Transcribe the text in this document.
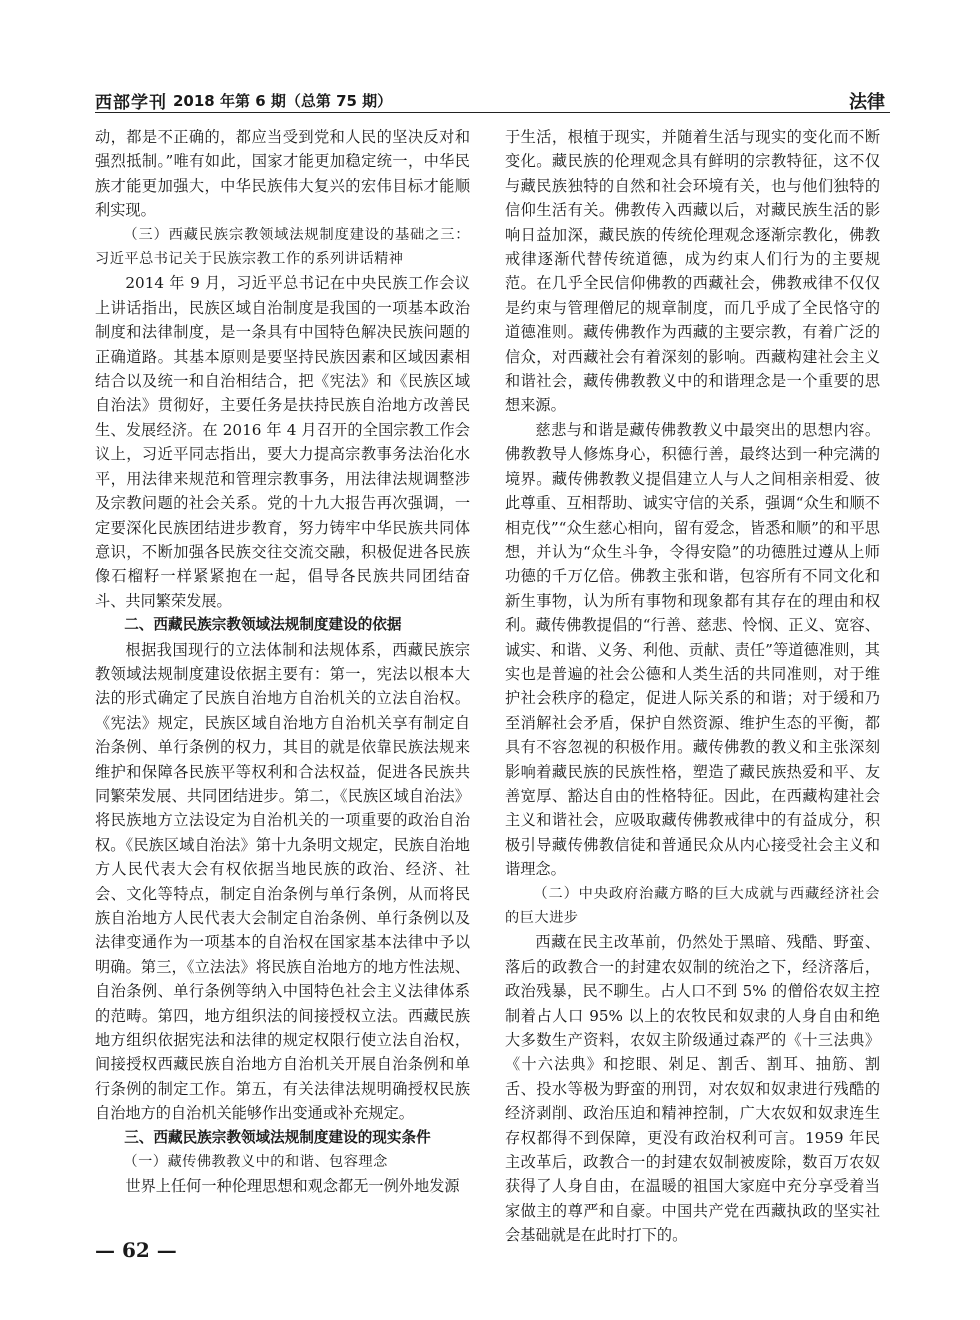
西部学刊 2018 年第 6 期（总第 75 期）	法律

动，都是不正确的，都应当受到党和人民的坚决反对和强烈抵制。”唯有如此，国家才能更加稳定统一，中华民族才能更加强大，中华民族伟大复兴的宏伟目标才能顺利实现。

（三）西藏民族宗教领域法规制度建设的基础之三：习近平总书记关于民族宗教工作的系列讲话精神

2014 年 9 月，习近平总书记在中央民族工作会议上讲话指出，民族区域自治制度是我国的一项基本政治制度和法律制度，是一条具有中国特色解决民族问题的正确道路。其基本原则是要坚持民族因素和区域因素相结合以及统一和自治相结合，把《宪法》和《民族区域自治法》贯彻好，主要任务是扶持民族自治地方改善民生、发展经济。在 2016 年 4 月召开的全国宗教工作会议上，习近平同志指出，要大力提高宗教事务法治化水平，用法律来规范和管理宗教事务，用法律法规调整涉及宗教问题的社会关系。党的十九大报告再次强调，一定要深化民族团结进步教育，努力铸牢中华民族共同体意识，不断加强各民族交往交流交融，积极促进各民族像石榴籽一样紧紧抱在一起，倡导各民族共同团结奋斗、共同繁荣发展。

二、西藏民族宗教领域法规制度建设的依据

根据我国现行的立法体制和法规体系，西藏民族宗教领域法规制度建设依据主要有：第一，宪法以根本大法的形式确定了民族自治地方自治机关的立法自治权。《宪法》规定，民族区域自治地方自治机关享有制定自治条例、单行条例的权力，其目的就是依靠民族法规来维护和保障各民族平等权利和合法权益，促进各民族共同繁荣发展、共同团结进步。第二，《民族区域自治法》将民族地方立法设定为自治机关的一项重要的政治自治权。《民族区域自治法》第十九条明文规定，民族自治地方人民代表大会有权依据当地民族的政治、经济、社会、文化等特点，制定自治条例与单行条例，从而将民族自治地方人民代表大会制定自治条例、单行条例以及法律变通作为一项基本的自治权在国家基本法律中予以明确。第三，《立法法》将民族自治地方的地方性法规、自治条例、单行条例等纳入中国特色社会主义法律体系的范畴。第四，地方组织法的间接授权立法。西藏民族地方组织依据宪法和法律的规定权限行使立法自治权，间接授权西藏民族自治地方自治机关开展自治条例和单行条例的制定工作。第五，有关法律法规明确授权民族自治地方的自治机关能够作出变通或补充规定。

三、西藏民族宗教领域法规制度建设的现实条件

（一）藏传佛教教义中的和谐、包容理念

世界上任何一种伦理思想和观念都无一例外地发源

于生活，根植于现实，并随着生活与现实的变化而不断变化。藏民族的伦理观念具有鲜明的宗教特征，这不仅与藏民族独特的自然和社会环境有关，也与他们独特的信仰生活有关。佛教传入西藏以后，对藏民族生活的影响日益加深，藏民族的传统伦理观念逐渐宗教化，佛教戒律逐渐代替传统道德，成为约束人们行为的主要规范。在几乎全民信仰佛教的西藏社会，佛教戒律不仅仅是约束与管理僧尼的规章制度，而几乎成了全民恪守的道德准则。藏传佛教作为西藏的主要宗教，有着广泛的信众，对西藏社会有着深刻的影响。西藏构建社会主义和谐社会，藏传佛教教义中的和谐理念是一个重要的思想来源。

慈悲与和谐是藏传佛教教义中最突出的思想内容。佛教教导人修炼身心，积德行善，最终达到一种完满的境界。藏传佛教教义提倡建立人与人之间相亲相爱、彼此尊重、互相帮助、诚实守信的关系，强调“众生和顺不相克伐”“众生慈心相向，留有爱念，皆悉和顺”的和平思想，并认为“众生斗争，令得安隐”的功德胜过遵从上师功德的千万亿倍。佛教主张和谐，包容所有不同文化和新生事物，认为所有事物和现象都有其存在的理由和权利。藏传佛教提倡的“行善、慈悲、怜悯、正义、宽容、诚实、和谐、义务、利他、贡献、责任”等道德准则，其实也是普遍的社会公德和人类生活的共同准则，对于维护社会秩序的稳定，促进人际关系的和谐；对于缓和乃至消解社会矛盾，保护自然资源、维护生态的平衡，都具有不容忽视的积极作用。藏传佛教的教义和主张深刻影响着藏民族的民族性格，塑造了藏民族热爱和平、友善宽厚、豁达自由的性格特征。因此，在西藏构建社会主义和谐社会，应吸取藏传佛教戒律中的有益成分，积极引导藏传佛教信徒和普通民众从内心接受社会主义和谐理念。

（二）中央政府治藏方略的巨大成就与西藏经济社会的巨大进步

西藏在民主改革前，仍然处于黑暗、残酷、野蛮、落后的政教合一的封建农奴制的统治之下，经济落后，政治残暴，民不聊生。占人口不到 5% 的僧俗农奴主控制着占人口 95% 以上的农牧民和奴隶的人身自由和绝大多数生产资料，农奴主阶级通过森严的《十三法典》《十六法典》和挖眼、剁足、割舌、割耳、抽筋、割舌、投水等极为野蛮的刑罚，对农奴和奴隶进行残酷的经济剥削、政治压迫和精神控制，广大农奴和奴隶连生存权都得不到保障，更没有政治权利可言。1959 年民主改革后，政教合一的封建农奴制被废除，数百万农奴获得了人身自由，在温暖的祖国大家庭中充分享受着当家做主的尊严和自豪。中国共产党在西藏执政的坚实社会基础就是在此时打下的。

— 62 —
